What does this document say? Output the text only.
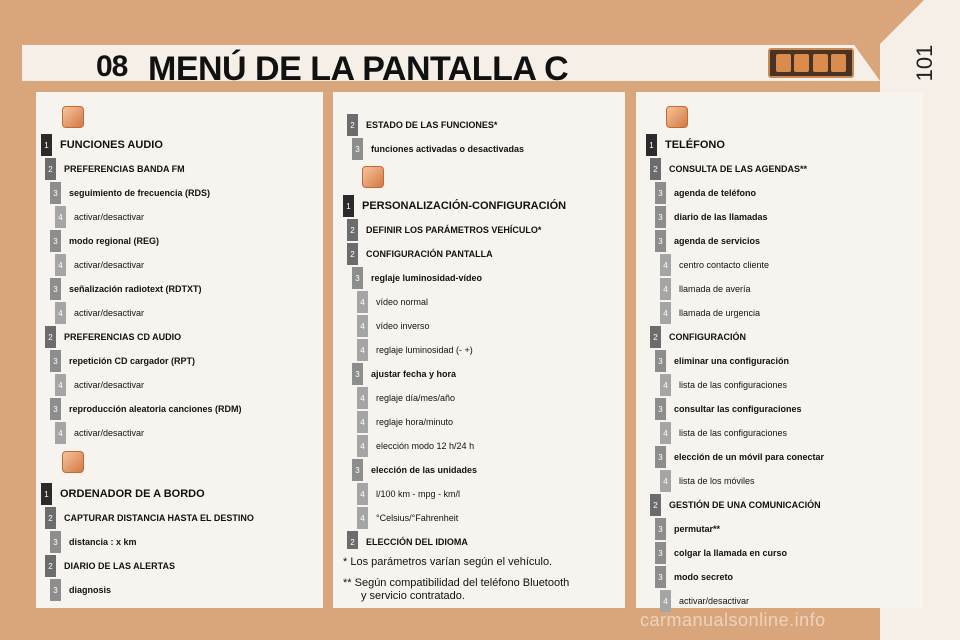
101
08 MENÚ DE LA PANTALLA C
1 FUNCIONES AUDIO
2	PREFERENCIAS BANDA FM
3	seguimiento de frecuencia (RDS)
4	activar/desactivar
3	modo regional (REG)
4	activar/desactivar
3	señalización radiotext (RDTXT)
4	activar/desactivar
2	PREFERENCIAS CD AUDIO
3	repetición CD cargador (RPT)
4	activar/desactivar
3	reproducción aleatoria canciones (RDM)
4	activar/desactivar
1 ORDENADOR DE A BORDO
2	CAPTURAR DISTANCIA HASTA EL DESTINO
3	distancia : x km
2	DIARIO DE LAS ALERTAS
3	diagnosis
2	ESTADO DE LAS FUNCIONES*
3	funciones activadas o desactivadas
1 PERSONALIZACIÓN-CONFIGURACIÓN
2	DEFINIR LOS PARÁMETROS VEHÍCULO*
2	CONFIGURACIÓN PANTALLA
3	reglaje luminosidad-vídeo
4	vídeo normal
4	vídeo inverso
4	reglaje luminosidad (- +)
3	ajustar fecha y hora
4	reglaje día/mes/año
4	reglaje hora/minuto
4	elección modo 12 h/24 h
3	elección de las unidades
4	l/100 km - mpg - km/l
4	°Celsius/°Fahrenheit
2	ELECCIÓN DEL IDIOMA
1 TELÉFONO
2	CONSULTA DE LAS AGENDAS**
3	agenda de teléfono
3	diario de las llamadas
3	agenda de servicios
4	centro contacto cliente
4	llamada de avería
4	llamada de urgencia
2	CONFIGURACIÓN
3	eliminar una configuración
4	lista de las configuraciones
3	consultar las configuraciones
4	lista de las configuraciones
3	elección de un móvil para conectar
4	lista de los móviles
2	GESTIÓN DE UNA COMUNICACIÓN
3	permutar**
3	colgar la llamada en curso
3	modo secreto
4	activar/desactivar
* Los parámetros varían según el vehículo.
** Según compatibilidad del teléfono Bluetooth
y servicio contratado.
carmanualsonline.info
